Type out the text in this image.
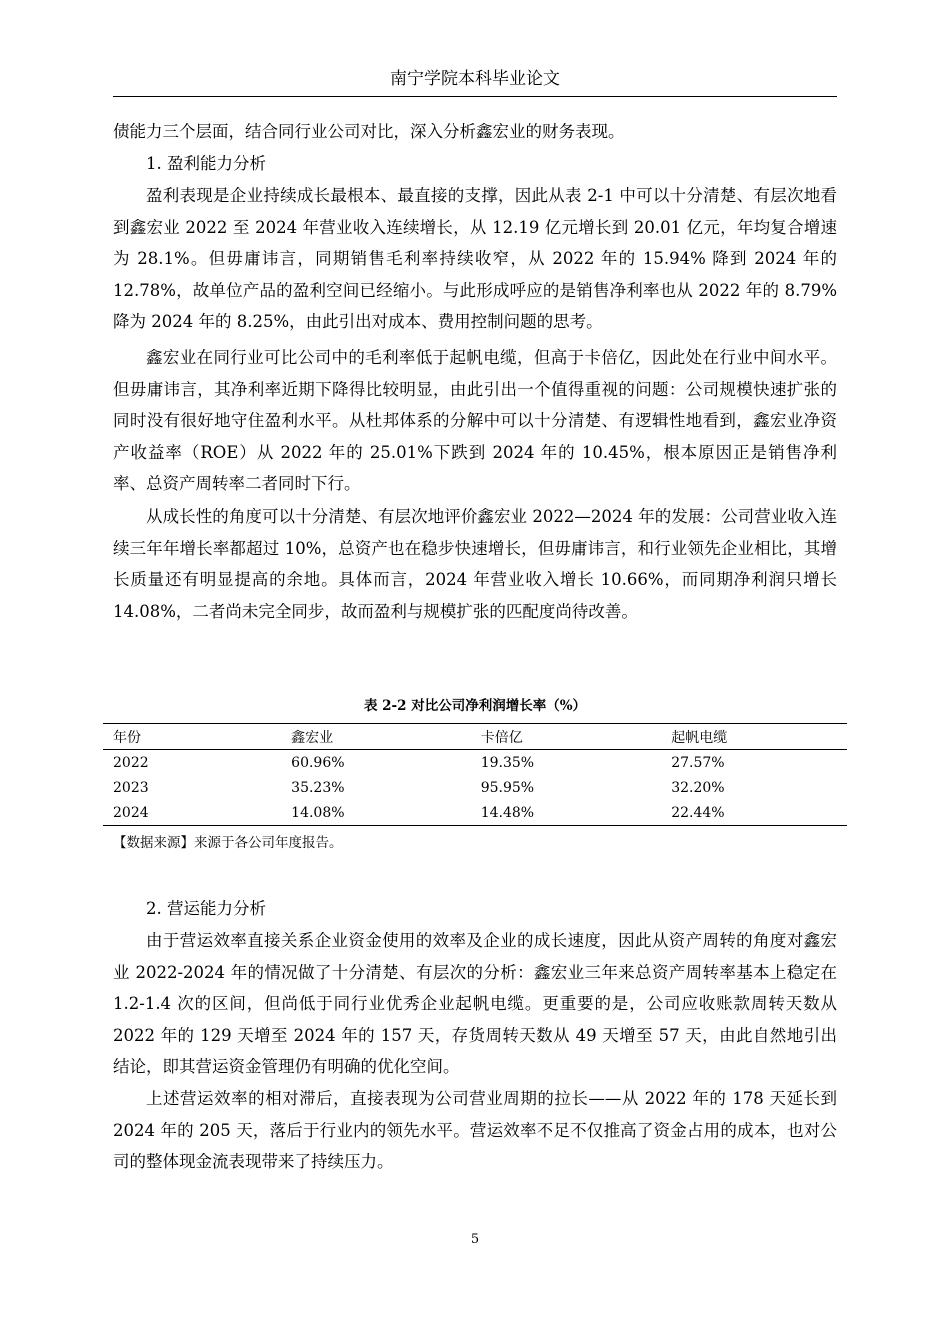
南宁学院本科毕业论文

债能力三个层面，结合同行业公司对比，深入分析鑫宏业的财务表现。

1. 盈利能力分析

盈利表现是企业持续成长最根本、最直接的支撑，因此从表 2-1 中可以十分清楚、有层次地看到鑫宏业 2022 至 2024 年营业收入连续增长，从 12.19 亿元增长到 20.01 亿元，年均复合增速为 28.1%。但毋庸讳言，同期销售毛利率持续收窄，从 2022 年的 15.94% 降到 2024 年的 12.78%，故单位产品的盈利空间已经缩小。与此形成呼应的是销售净利率也从 2022 年的 8.79%降为 2024 年的 8.25%，由此引出对成本、费用控制问题的思考。

鑫宏业在同行业可比公司中的毛利率低于起帆电缆，但高于卡倍亿，因此处在行业中间水平。但毋庸讳言，其净利率近期下降得比较明显，由此引出一个值得重视的问题：公司规模快速扩张的同时没有很好地守住盈利水平。从杜邦体系的分解中可以十分清楚、有逻辑性地看到，鑫宏业净资产收益率（ROE）从 2022 年的 25.01%下跌到 2024 年的 10.45%，根本原因正是销售净利率、总资产周转率二者同时下行。

从成长性的角度可以十分清楚、有层次地评价鑫宏业 2022—2024 年的发展：公司营业收入连续三年年增长率都超过 10%，总资产也在稳步快速增长，但毋庸讳言，和行业领先企业相比，其增长质量还有明显提高的余地。具体而言，2024 年营业收入增长 10.66%，而同期净利润只增长 14.08%，二者尚未完全同步，故而盈利与规模扩张的匹配度尚待改善。

表 2-2 对比公司净利润增长率（%）
年份	鑫宏业	卡倍亿	起帆电缆
2022	60.96%	19.35%	27.57%
2023	35.23%	95.95%	32.20%
2024	14.08%	14.48%	22.44%
【数据来源】来源于各公司年度报告。

2. 营运能力分析

由于营运效率直接关系企业资金使用的效率及企业的成长速度，因此从资产周转的角度对鑫宏业 2022-2024 年的情况做了十分清楚、有层次的分析：鑫宏业三年来总资产周转率基本上稳定在 1.2-1.4 次的区间，但尚低于同行业优秀企业起帆电缆。更重要的是，公司应收账款周转天数从 2022 年的 129 天增至 2024 年的 157 天，存货周转天数从 49 天增至 57 天，由此自然地引出结论，即其营运资金管理仍有明确的优化空间。

上述营运效率的相对滞后，直接表现为公司营业周期的拉长——从 2022 年的 178 天延长到 2024 年的 205 天，落后于行业内的领先水平。营运效率不足不仅推高了资金占用的成本，也对公司的整体现金流表现带来了持续压力。

5
